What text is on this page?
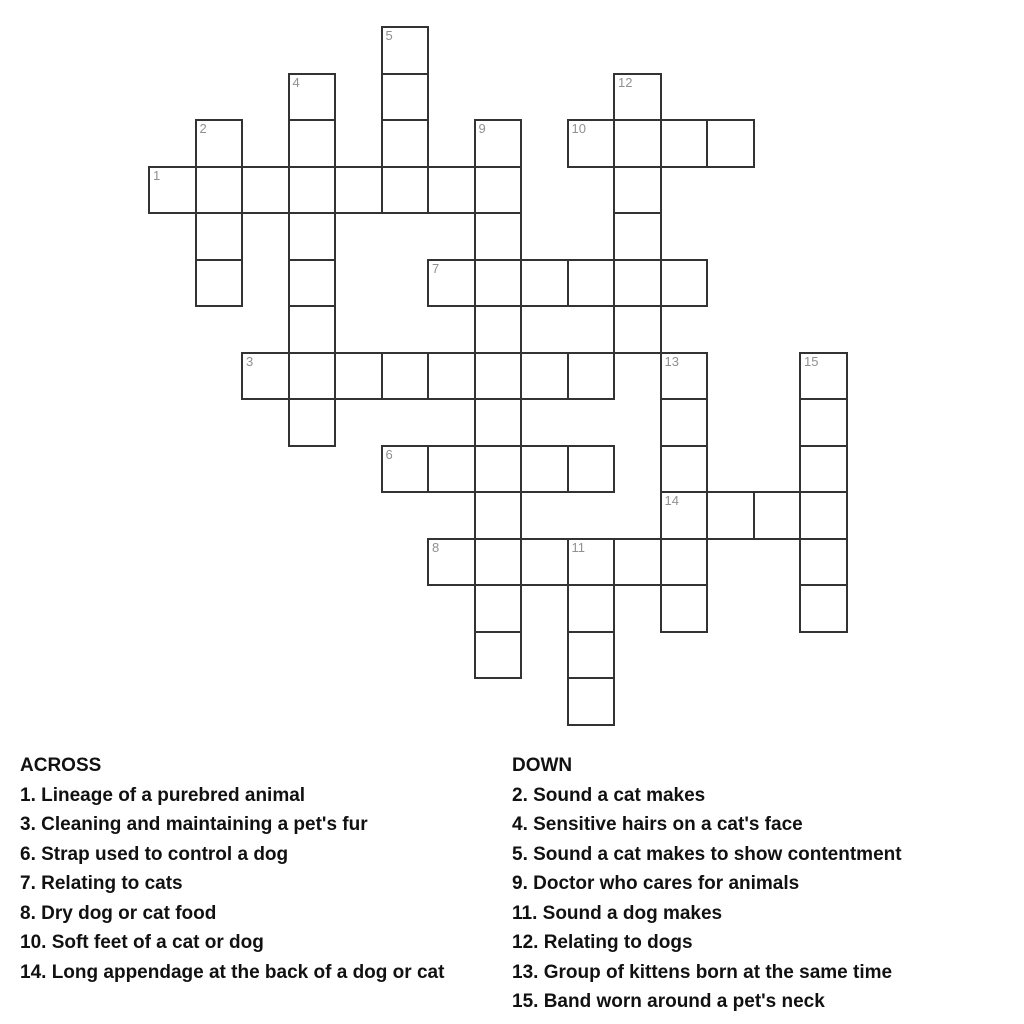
1
2
3
4
5
6
7
8	11
9	10
12
13
14
15
ACROSS
1. Lineage of a purebred animal
3. Cleaning and maintaining a pet's fur
6. Strap used to control a dog
7. Relating to cats
8. Dry dog or cat food
10. Soft feet of a cat or dog
14. Long appendage at the back of a dog or cat
DOWN
2. Sound a cat makes
4. Sensitive hairs on a cat's face
5. Sound a cat makes to show contentment
9. Doctor who cares for animals
11. Sound a dog makes
12. Relating to dogs
13. Group of kittens born at the same time
15. Band worn around a pet's neck
